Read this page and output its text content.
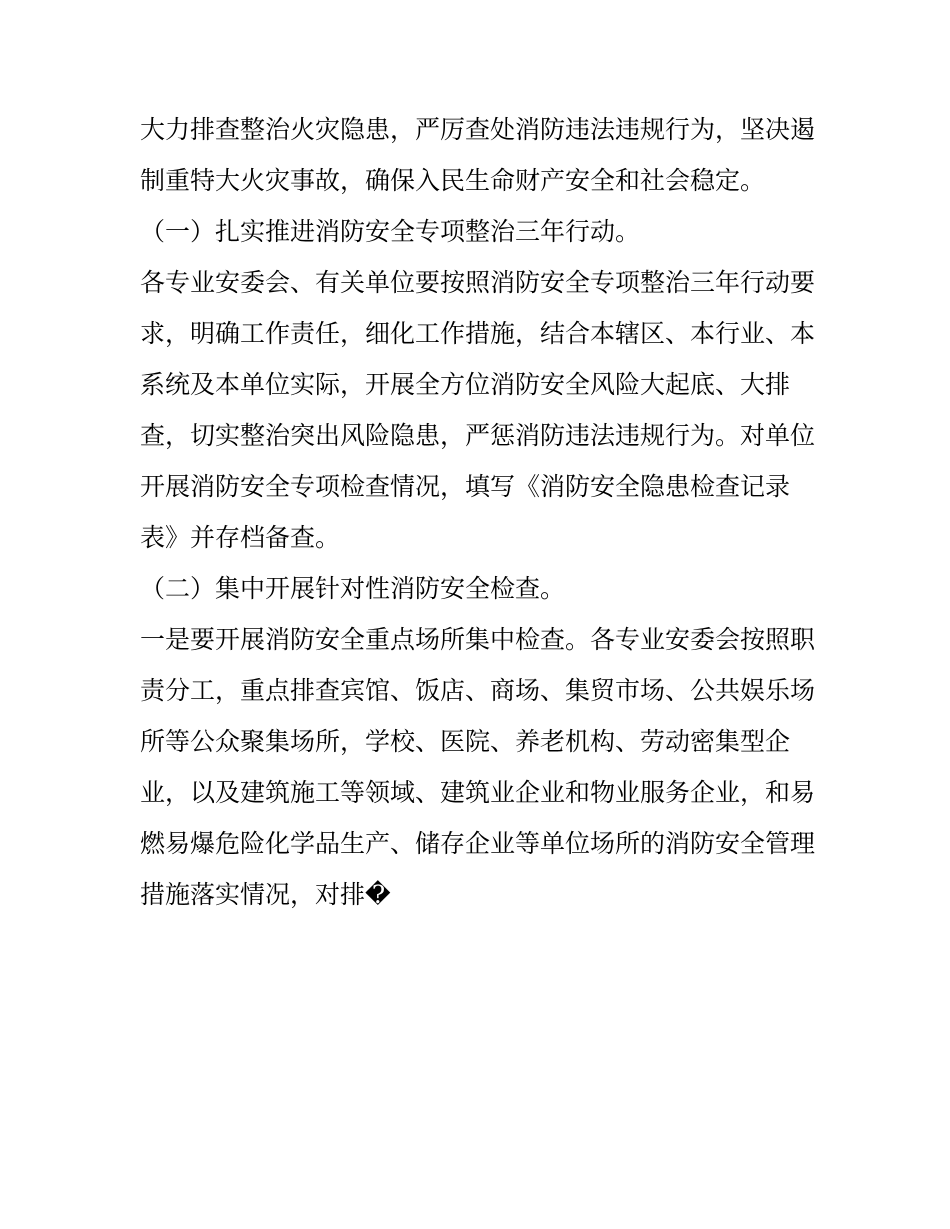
大力排查整治火灾隐患，严厉查处消防违法违规行为，坚决遏制重特大火灾事故，确保入民生命财产安全和社会稳定。

（一）扎实推进消防安全专项整治三年行动。

各专业安委会、有关单位要按照消防安全专项整治三年行动要求，明确工作责任，细化工作措施，结合本辖区、本行业、本系统及本单位实际，开展全方位消防安全风险大起底、大排查，切实整治突出风险隐患，严惩消防违法违规行为。对单位开展消防安全专项检查情况，填写《消防安全隐患检查记录表》并存档备查。

（二）集中开展针对性消防安全检查。

一是要开展消防安全重点场所集中检查。各专业安委会按照职责分工，重点排查宾馆、饭店、商场、集贸市场、公共娱乐场所等公众聚集场所，学校、医院、养老机构、劳动密集型企业，以及建筑施工等领域、建筑业企业和物业服务企业，和易燃易爆危险化学品生产、储存企业等单位场所的消防安全管理措施落实情况，对排�
